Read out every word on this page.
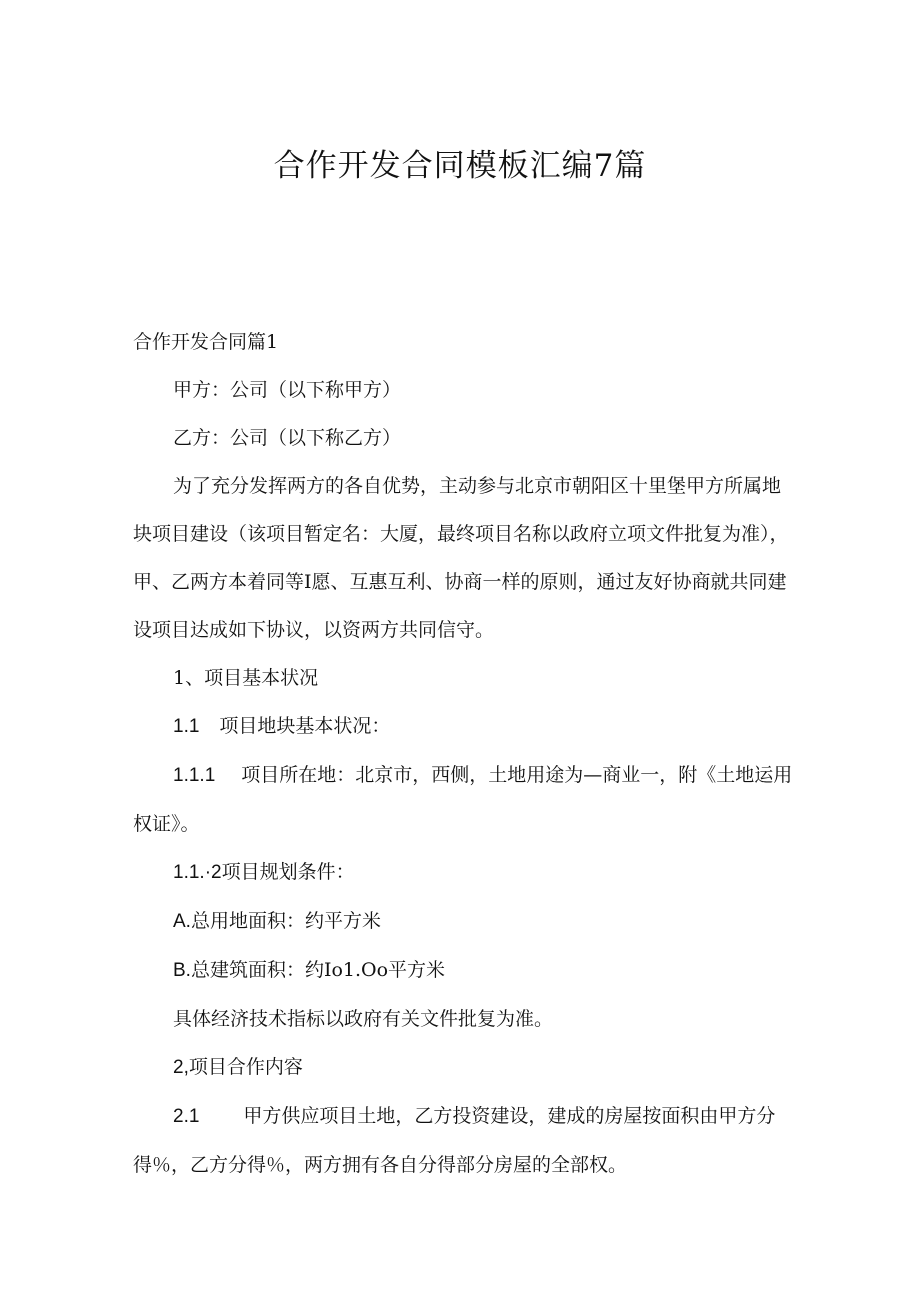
合作开发合同模板汇编7篇

合作开发合同篇1

甲方：公司（以下称甲方）

乙方：公司（以下称乙方）

为了充分发挥两方的各自优势，主动参与北京市朝阳区十里堡甲方所属地块项目建设（该项目暂定名：大厦，最终项目名称以政府立项文件批复为准），甲、乙两方本着同等I愿、互惠互利、协商一样的原则，通过友好协商就共同建设项目达成如下协议，以资两方共同信守。

1、项目基本状况

1.1 项目地块基本状况：

1.1.1 项目所在地：北京市，西侧，土地用途为—商业一，附《土地运用权证》。

1.1.·2项目规划条件：

A.总用地面积：约平方米

B.总建筑面积：约Io1.Oo平方米

具体经济技术指标以政府有关文件批复为准。

2,项目合作内容

2.1 甲方供应项目土地，乙方投资建设，建成的房屋按面积由甲方分得％，乙方分得％，两方拥有各自分得部分房屋的全部权。
